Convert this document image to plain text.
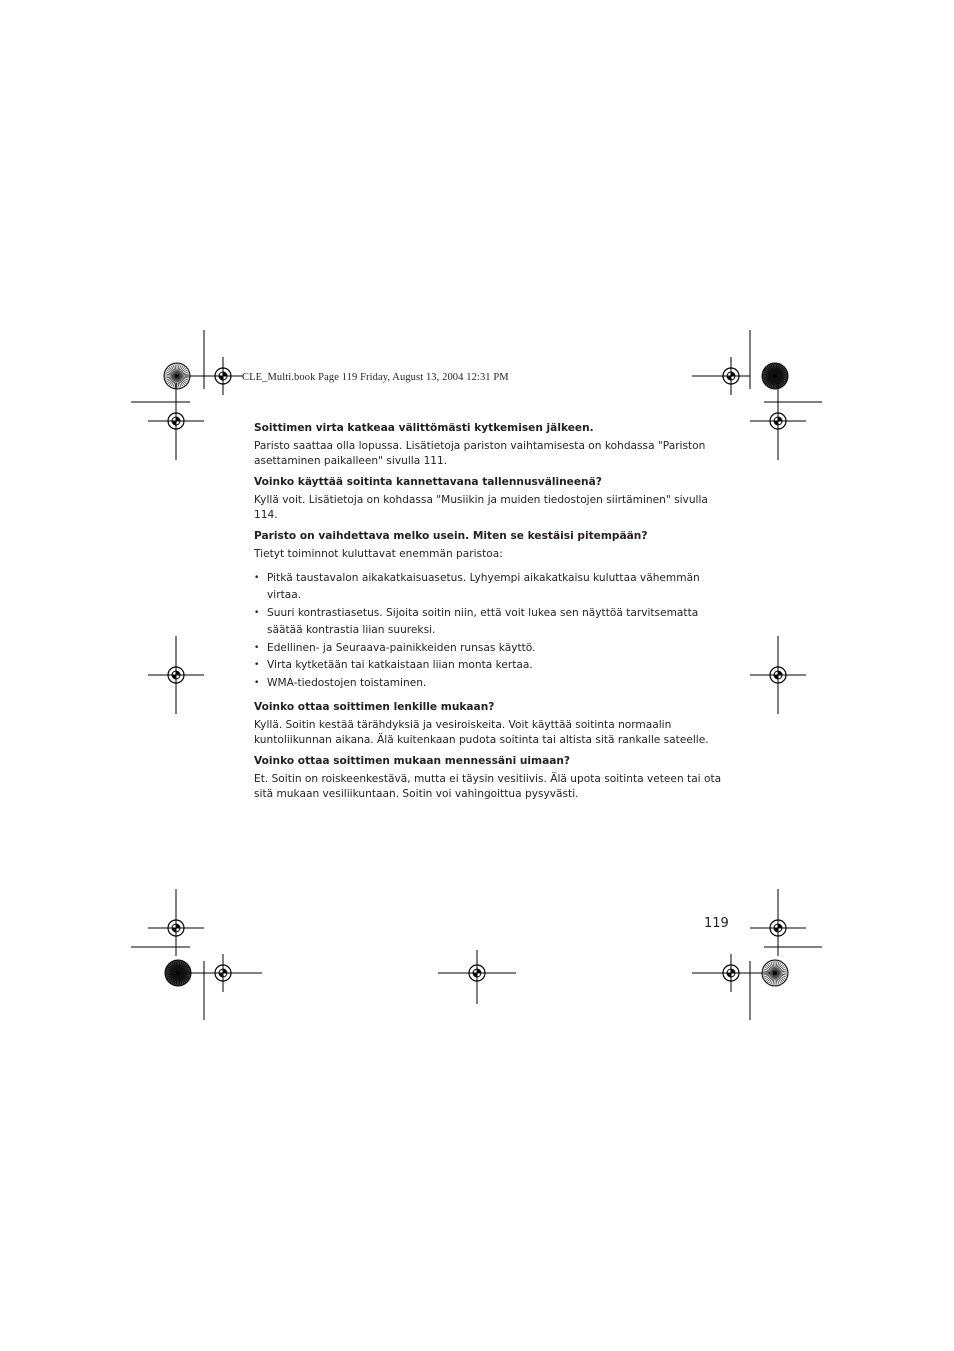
CLE_Multi.book Page 119 Friday, August 13, 2004 12:31 PM

Soittimen virta katkeaa välittömästi kytkemisen jälkeen.

Paristo saattaa olla lopussa. Lisätietoja pariston vaihtamisesta on kohdassa "Pariston asettaminen paikalleen" sivulla 111.

Voinko käyttää soitinta kannettavana tallennusvälineenä?

Kyllä voit. Lisätietoja on kohdassa "Musiikin ja muiden tiedostojen siirtäminen" sivulla 114.

Paristo on vaihdettava melko usein. Miten se kestäisi pitempään?

Tietyt toiminnot kuluttavat enemmän paristoa:

• Pitkä taustavalon aikakatkaisuasetus. Lyhyempi aikakatkaisu kuluttaa vähemmän virtaa.
• Suuri kontrastiasetus. Sijoita soitin niin, että voit lukea sen näyttöä tarvitsematta säätää kontrastia liian suureksi.
• Edellinen- ja Seuraava-painikkeiden runsas käyttö.
• Virta kytketään tai katkaistaan liian monta kertaa.
• WMA-tiedostojen toistaminen.

Voinko ottaa soittimen lenkille mukaan?

Kyllä. Soitin kestää tärähdyksiä ja vesiroiskeita. Voit käyttää soitinta normaalin kuntoliikunnan aikana. Älä kuitenkaan pudota soitinta tai altista sitä rankalle sateelle.

Voinko ottaa soittimen mukaan mennessäni uimaan?

Et. Soitin on roiskeenkestävä, mutta ei täysin vesitiivis. Älä upota soitinta veteen tai ota sitä mukaan vesiliikuntaan. Soitin voi vahingoittua pysyvästi.

119
